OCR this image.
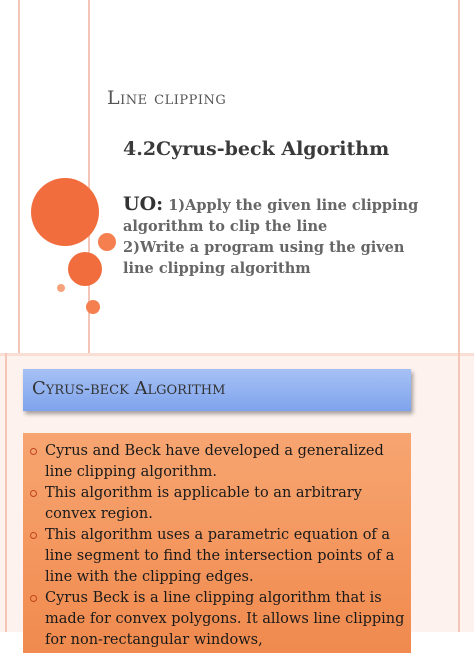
Line clipping
4.2Cyrus-beck Algorithm
UO: 1)Apply the given line clipping
algorithm to clip the line
2)Write a program using the given
line clipping algorithm
Cyrus-beck Algorithm
Cyrus and Beck have developed a generalized
line clipping algorithm.
This algorithm is applicable to an arbitrary
convex region.
This algorithm uses a parametric equation of a
line segment to find the intersection points of a
line with the clipping edges.
Cyrus Beck is a line clipping algorithm that is
made for convex polygons. It allows line clipping
for non-rectangular windows,
